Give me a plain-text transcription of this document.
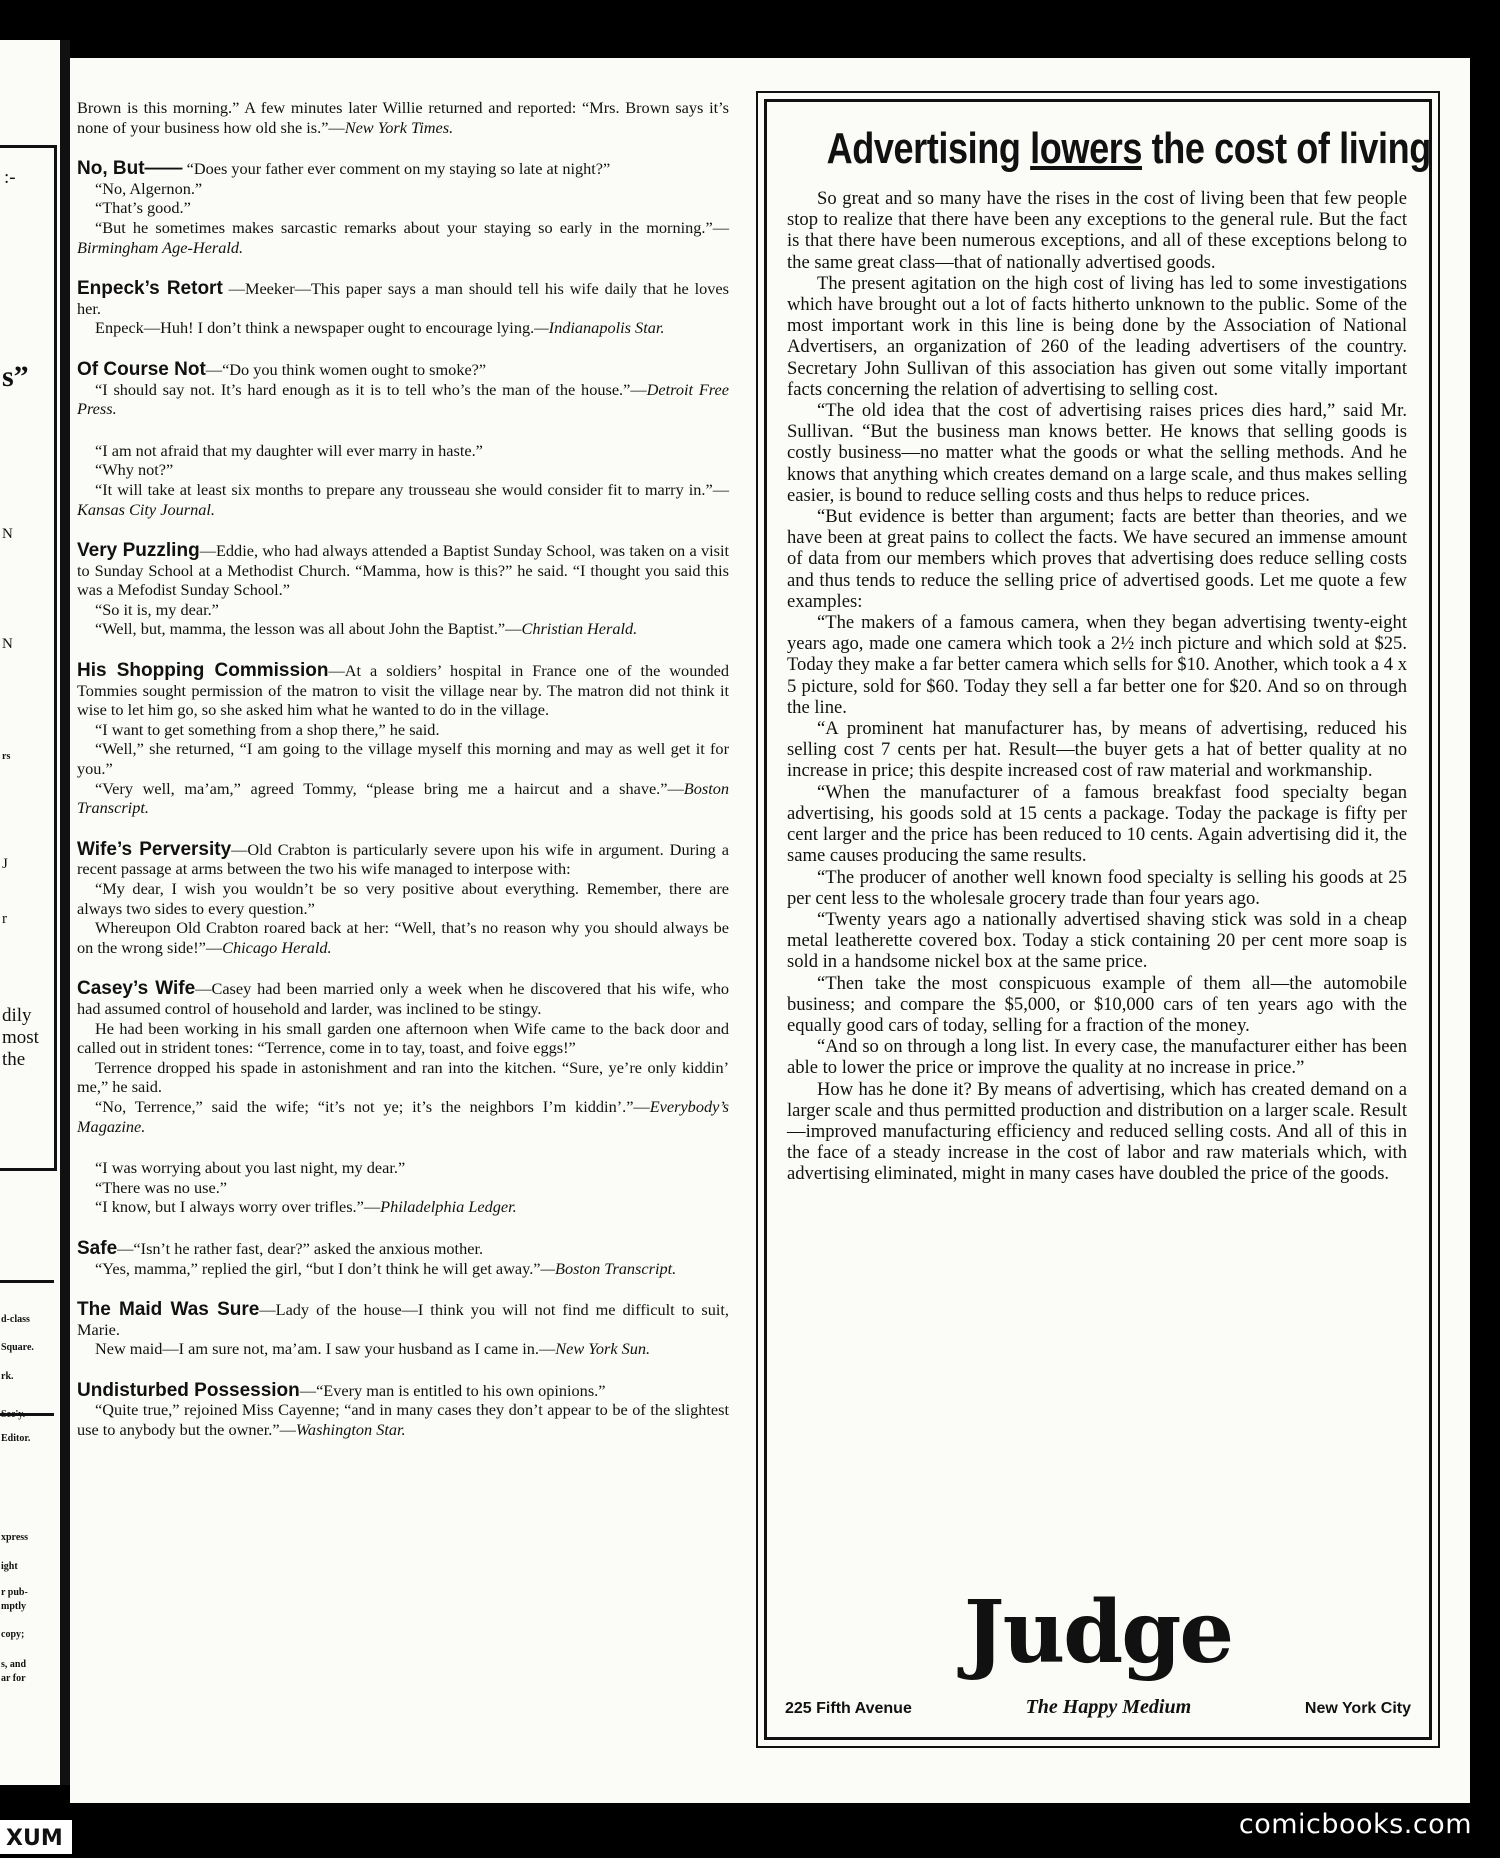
:-
s”
N
N
rs
J
r
dily
most
the
d-class
Square.
rk.
Sec'y.
Editor.
xpress
ight
r pub-
mptly
copy;
s, and
ar for

Brown is this morning.” A few minutes later Willie returned and reported: “Mrs. Brown says it’s none of your business how old she is.”—New York Times.

No, But—— “Does your father ever comment on my staying so late at night?”

“No, Algernon.”

“That’s good.”

“But he sometimes makes sarcastic remarks about your staying so early in the morning.”—Birmingham Age-Herald.

Enpeck’s Retort —Meeker—This paper says a man should tell his wife daily that he loves her.

Enpeck—Huh! I don’t think a newspaper ought to encourage lying.—Indianapolis Star.

Of Course Not—“Do you think women ought to smoke?”

“I should say not. It’s hard enough as it is to tell who’s the man of the house.”—Detroit Free Press.

“I am not afraid that my daughter will ever marry in haste.”

“Why not?”

“It will take at least six months to prepare any trousseau she would consider fit to marry in.”—Kansas City Journal.

Very Puzzling—Eddie, who had always attended a Baptist Sunday School, was taken on a visit to Sunday School at a Methodist Church. “Mamma, how is this?” he said. “I thought you said this was a Mefodist Sunday School.”

“So it is, my dear.”

“Well, but, mamma, the lesson was all about John the Baptist.”—Christian Herald.

His Shopping Commission—At a soldiers’ hospital in France one of the wounded Tommies sought permission of the matron to visit the village near by. The matron did not think it wise to let him go, so she asked him what he wanted to do in the village.

“I want to get something from a shop there,” he said.

“Well,” she returned, “I am going to the village myself this morning and may as well get it for you.”

“Very well, ma’am,” agreed Tommy, “please bring me a haircut and a shave.”—Boston Transcript.

Wife’s Perversity—Old Crabton is particularly severe upon his wife in argument. During a recent passage at arms between the two his wife managed to interpose with:

“My dear, I wish you wouldn’t be so very positive about everything. Remember, there are always two sides to every question.”

Whereupon Old Crabton roared back at her: “Well, that’s no reason why you should always be on the wrong side!”—Chicago Herald.

Casey’s Wife—Casey had been married only a week when he discovered that his wife, who had assumed control of household and larder, was inclined to be stingy.

He had been working in his small garden one afternoon when Wife came to the back door and called out in strident tones: “Terrence, come in to tay, toast, and foive eggs!”

Terrence dropped his spade in astonishment and ran into the kitchen. “Sure, ye’re only kiddin’ me,” he said.

“No, Terrence,” said the wife; “it’s not ye; it’s the neighbors I’m kiddin’.”—Everybody’s Magazine.

“I was worrying about you last night, my dear.”

“There was no use.”

“I know, but I always worry over trifles.”—Philadelphia Ledger.

Safe—“Isn’t he rather fast, dear?” asked the anxious mother.

“Yes, mamma,” replied the girl, “but I don’t think he will get away.”—Boston Transcript.

The Maid Was Sure—Lady of the house—I think you will not find me difficult to suit, Marie.

New maid—I am sure not, ma’am. I saw your husband as I came in.—New York Sun.

Undisturbed Possession—“Every man is entitled to his own opinions.”

“Quite true,” rejoined Miss Cayenne; “and in many cases they don’t appear to be of the slightest use to anybody but the owner.”—Washington Star.

Advertising lowers the cost of living

So great and so many have the rises in the cost of living been that few people stop to realize that there have been any exceptions to the general rule. But the fact is that there have been numerous exceptions, and all of these exceptions belong to the same great class—that of nationally advertised goods.

The present agitation on the high cost of living has led to some investigations which have brought out a lot of facts hitherto unknown to the public. Some of the most important work in this line is being done by the Association of National Advertisers, an organization of 260 of the leading advertisers of the country. Secretary John Sullivan of this association has given out some vitally important facts concerning the relation of advertising to selling cost.

“The old idea that the cost of advertising raises prices dies hard,” said Mr. Sullivan. “But the business man knows better. He knows that selling goods is costly business—no matter what the goods or what the selling methods. And he knows that anything which creates demand on a large scale, and thus makes selling easier, is bound to reduce selling costs and thus helps to reduce prices.

“But evidence is better than argument; facts are better than theories, and we have been at great pains to collect the facts. We have secured an immense amount of data from our members which proves that advertising does reduce selling costs and thus tends to reduce the selling price of advertised goods. Let me quote a few examples:

“The makers of a famous camera, when they began advertising twenty-eight years ago, made one camera which took a 2½ inch picture and which sold at $25. Today they make a far better camera which sells for $10. Another, which took a 4 x 5 picture, sold for $60. Today they sell a far better one for $20. And so on through the line.

“A prominent hat manufacturer has, by means of advertising, reduced his selling cost 7 cents per hat. Result—the buyer gets a hat of better quality at no increase in price; this despite increased cost of raw material and workmanship.

“When the manufacturer of a famous breakfast food specialty began advertising, his goods sold at 15 cents a package. Today the package is fifty per cent larger and the price has been reduced to 10 cents. Again advertising did it, the same causes producing the same results.

“The producer of another well known food specialty is selling his goods at 25 per cent less to the wholesale grocery trade than four years ago.

“Twenty years ago a nationally advertised shaving stick was sold in a cheap metal leatherette covered box. Today a stick containing 20 per cent more soap is sold in a handsome nickel box at the same price.

“Then take the most conspicuous example of them all—the automobile business; and compare the $5,000, or $10,000 cars of ten years ago with the equally good cars of today, selling for a fraction of the money.

“And so on through a long list. In every case, the manufacturer either has been able to lower the price or improve the quality at no increase in price.”

How has he done it? By means of advertising, which has created demand on a larger scale and thus permitted production and distribution on a larger scale. Result—improved manufacturing efficiency and reduced selling costs. And all of this in the face of a steady increase in the cost of labor and raw materials which, with advertising eliminated, might in many cases have doubled the price of the goods.

Judge
225 Fifth Avenue	The Happy Medium	New York City
comicbooks.com
XUM
